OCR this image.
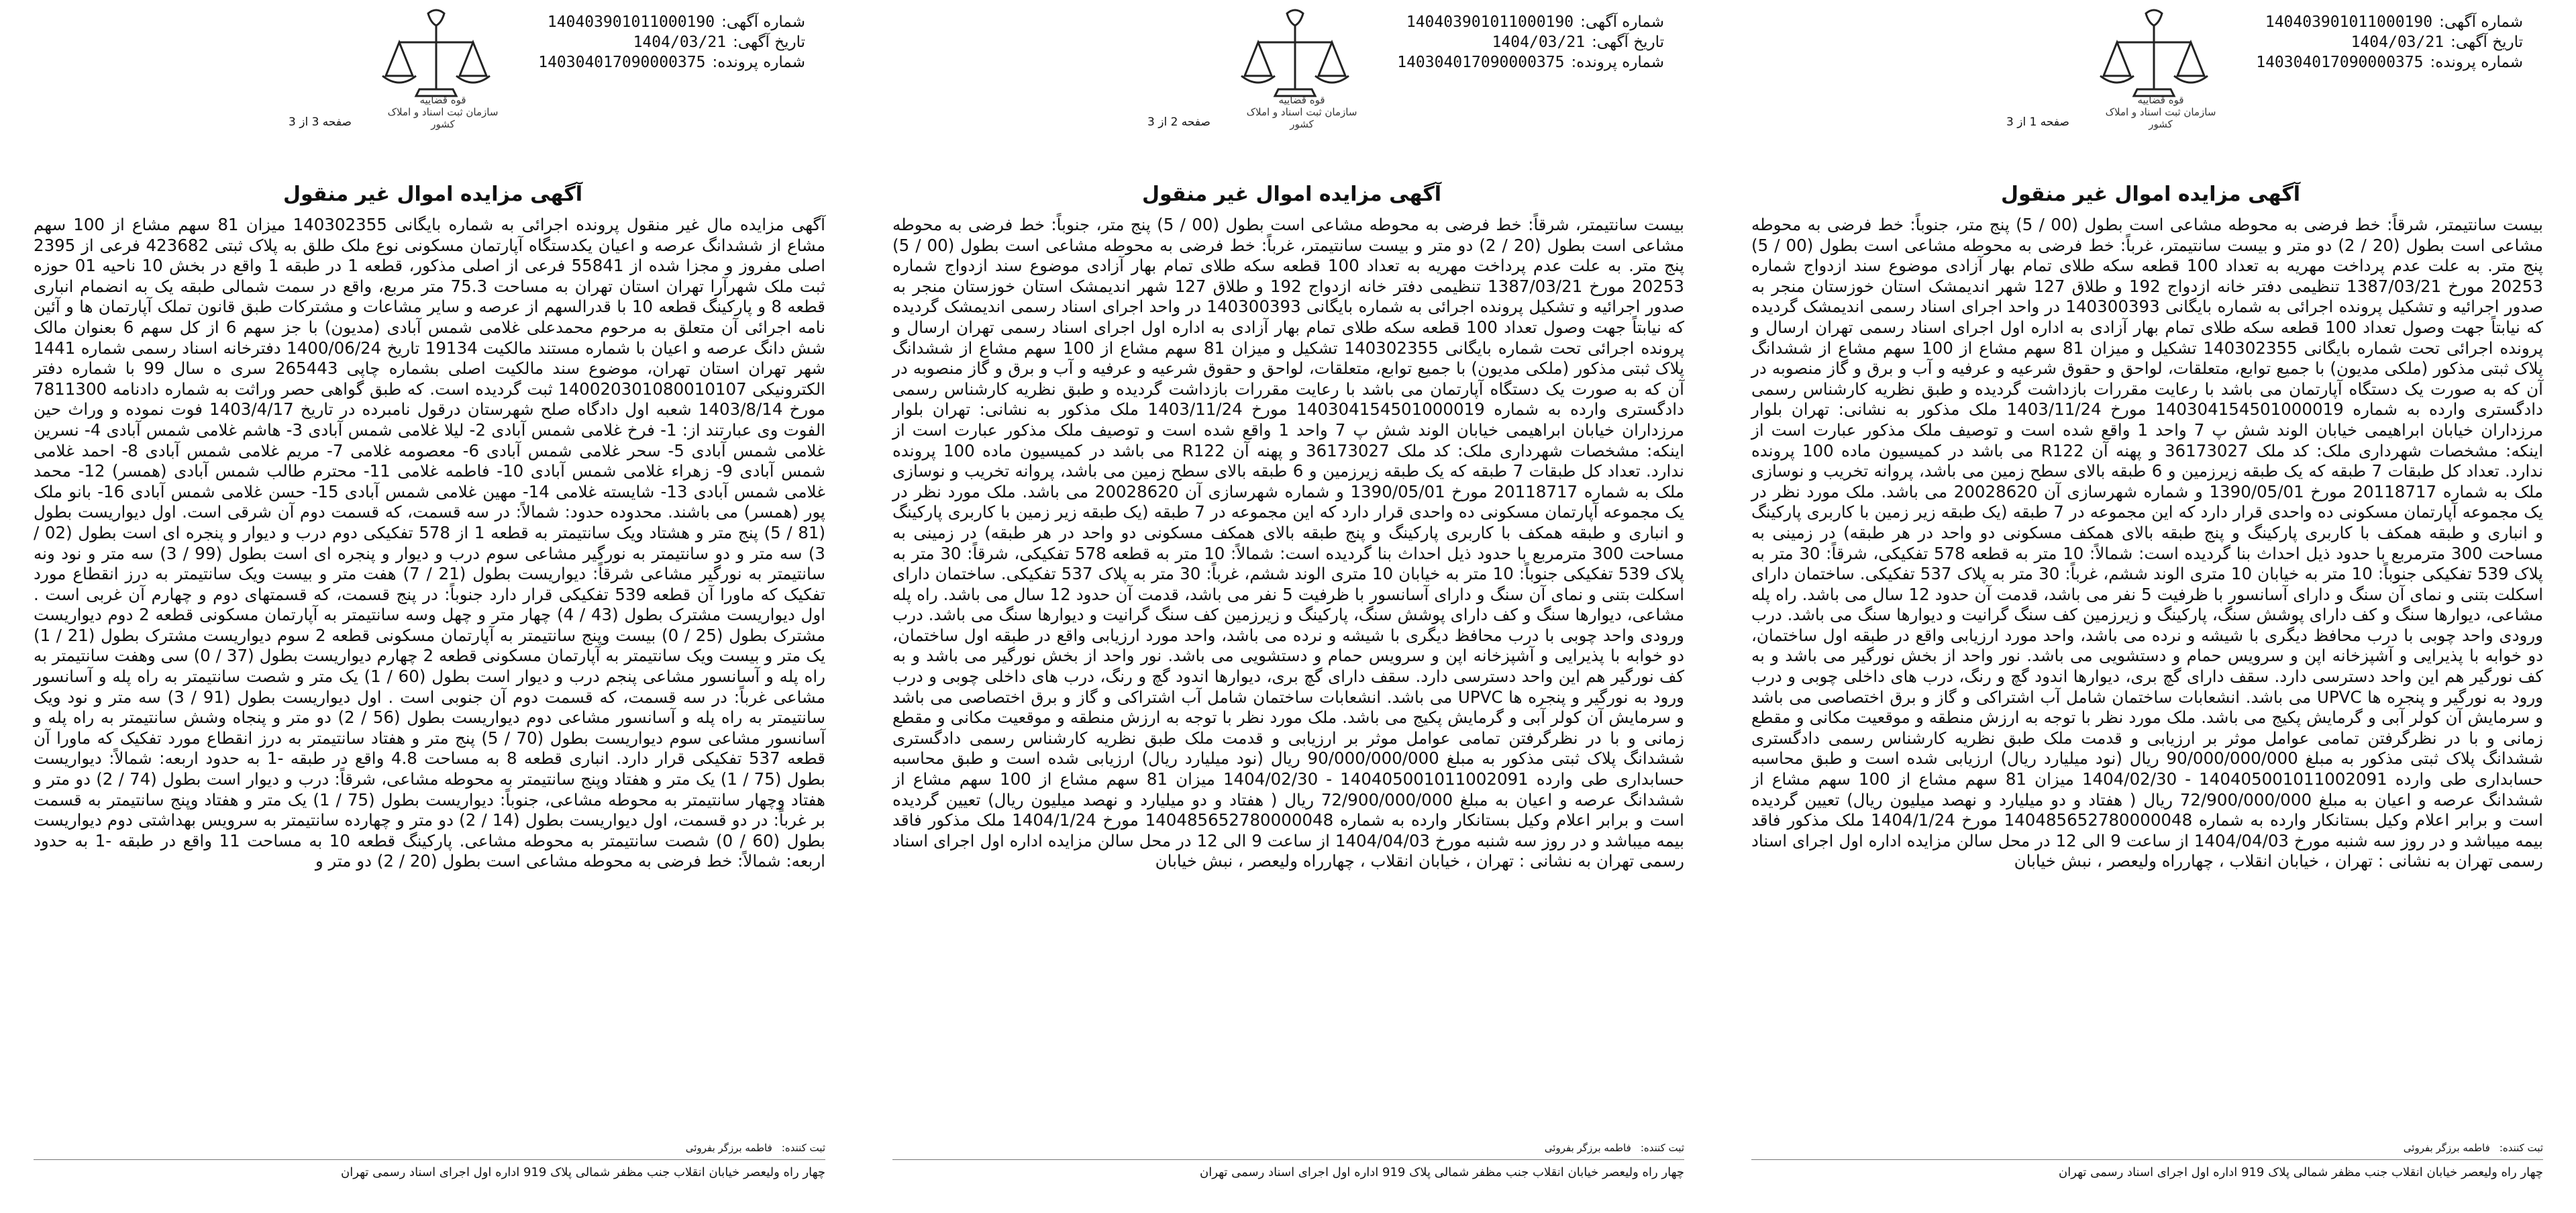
شماره آگهی:140403901011000190
تاریخ آگهی:1404/03/21
شماره پرونده:140304017090000375
قوه قضاییه
سازمان ثبت اسناد و املاک کشور
صفحه 1 از 3
آگهی مزایده اموال غیر منقول
بیست سانتیمتر، شرقاً: خط فرضی به محوطه مشاعی است بطول (00 / 5) پنج متر، جنوباً: خط فرضی به محوطه مشاعی است بطول (20 / 2) دو متر و بیست سانتیمتر، غرباً: خط فرضی به محوطه مشاعی است بطول (00 / 5) پنج متر. به علت عدم پرداخت مهریه به تعداد 100 قطعه سکه طلای تمام بهار آزادی موضوع سند ازدواج شماره 20253 مورخ 1387/03/21 تنظیمی دفتر خانه ازدواج 192 و طلاق 127 شهر اندیمشک استان خوزستان منجر به صدور اجرائیه و تشکیل پرونده اجرائی به شماره بایگانی 140300393 در واحد اجرای اسناد رسمی اندیمشک گردیده که نیابتاً جهت وصول تعداد 100 قطعه سکه طلای تمام بهار آزادی به اداره اول اجرای اسناد رسمی تهران ارسال و پرونده اجرائی تحت شماره بایگانی 140302355 تشکیل و میزان 81 سهم مشاع از 100 سهم مشاع از ششدانگ پلاک ثبتی مذکور (ملکی مدیون) با جمیع توابع، متعلقات، لواحق و حقوق شرعیه و عرفیه و آب و برق و گاز منصوبه در آن که به صورت یک دستگاه آپارتمان می باشد با رعایت مقررات بازداشت گردیده و طبق نظریه کارشناس رسمی دادگستری وارده به شماره 140304154501000019 مورخ 1403/11/24 ملک مذکور به نشانی: تهران بلوار مرزداران خیابان ابراهیمی خیابان الوند شش پ 7 واحد 1 واقع شده است و توصیف ملک مذکور عبارت است از اینکه: مشخصات شهرداری ملک: کد ملک 36173027 و پهنه آن R122 می باشد در کمیسیون ماده 100 پرونده ندارد. تعداد کل طبقات 7 طبقه که یک طبقه زیرزمین و 6 طبقه بالای سطح زمین می باشد، پروانه تخریب و نوسازی ملک به شماره 20118717 مورخ 1390/05/01 و شماره شهرسازی آن 20028620 می باشد. ملک مورد نظر در یک مجموعه آپارتمان مسکونی ده واحدی قرار دارد که این مجموعه در 7 طبقه (یک طبقه زیر زمین با کاربری پارکینگ و انباری و طبقه همکف با کاربری پارکینگ و پنج طبقه بالای همکف مسکونی دو واحد در هر طبقه) در زمینی به مساحت 300 مترمربع با حدود ذیل احداث بنا گردیده است: شمالاً: 10 متر به قطعه 578 تفکیکی، شرقاً: 30 متر به پلاک 539 تفکیکی جنوباً: 10 متر به خیابان 10 متری الوند ششم، غرباً: 30 متر به پلاک 537 تفکیکی. ساختمان دارای اسکلت بتنی و نمای آن سنگ و دارای آسانسور با ظرفیت 5 نفر می باشد، قدمت آن حدود 12 سال می باشد. راه پله مشاعی، دیوارها سنگ و کف دارای پوشش سنگ، پارکینگ و زیرزمین کف سنگ گرانیت و دیوارها سنگ می باشد. درب ورودی واحد چوبی با درب محافظ دیگری با شیشه و نرده می باشد، واحد مورد ارزیابی واقع در طبقه اول ساختمان، دو خوابه با پذیرایی و آشپزخانه اپن و سرویس حمام و دستشویی می باشد. نور واحد از بخش نورگیر می باشد و به کف نورگیر هم این واحد دسترسی دارد. سقف دارای گچ بری، دیوارها اندود گچ و رنگ، درب های داخلی چوبی و درب ورود به نورگیر و پنجره ها UPVC می باشد. انشعابات ساختمان شامل آب اشتراکی و گاز و برق اختصاصی می باشد و سرمایش آن کولر آبی و گرمایش پکیج می باشد. ملک مورد نظر با توجه به ارزش منطقه و موقعیت مکانی و مقطع زمانی و با در نظرگرفتن تمامی عوامل موثر بر ارزیابی و قدمت ملک طبق نظریه کارشناس رسمی دادگستری ششدانگ پلاک ثبتی مذکور به مبلغ 90/000/000/000 ریال (نود میلیارد ریال) ارزیابی شده است و طبق محاسبه حسابداری طی وارده 140405001011002091 - 1404/02/30 میزان 81 سهم مشاع از 100 سهم مشاع از ششدانگ عرصه و اعیان به مبلغ 72/900/000/000 ریال ( هفتاد و دو میلیارد و نهصد میلیون ریال) تعیین گردیده است و برابر اعلام وکیل بستانکار وارده به شماره 140485652780000048 مورخ 1404/1/24 ملک مذکور فاقد بیمه میباشد و در روز سه شنبه مورخ 1404/04/03 از ساعت 9 الی 12 در محل سالن مزایده اداره اول اجرای اسناد رسمی تهران به نشانی : تهران ، خیابان انقلاب ، چهارراه ولیعصر ، نبش خیابان
ثبت کننده:فاطمه برزگر بفروئی
چهار راه ولیعصر خیابان انقلاب جنب مظفر شمالی پلاک 919 اداره اول اجرای اسناد رسمی تهران
شماره آگهی:140403901011000190
تاریخ آگهی:1404/03/21
شماره پرونده:140304017090000375
قوه قضاییه
سازمان ثبت اسناد و املاک کشور
صفحه 2 از 3
آگهی مزایده اموال غیر منقول
بیست سانتیمتر، شرقاً: خط فرضی به محوطه مشاعی است بطول (00 / 5) پنج متر، جنوباً: خط فرضی به محوطه مشاعی است بطول (20 / 2) دو متر و بیست سانتیمتر، غرباً: خط فرضی به محوطه مشاعی است بطول (00 / 5) پنج متر. به علت عدم پرداخت مهریه به تعداد 100 قطعه سکه طلای تمام بهار آزادی موضوع سند ازدواج شماره 20253 مورخ 1387/03/21 تنظیمی دفتر خانه ازدواج 192 و طلاق 127 شهر اندیمشک استان خوزستان منجر به صدور اجرائیه و تشکیل پرونده اجرائی به شماره بایگانی 140300393 در واحد اجرای اسناد رسمی اندیمشک گردیده که نیابتاً جهت وصول تعداد 100 قطعه سکه طلای تمام بهار آزادی به اداره اول اجرای اسناد رسمی تهران ارسال و پرونده اجرائی تحت شماره بایگانی 140302355 تشکیل و میزان 81 سهم مشاع از 100 سهم مشاع از ششدانگ پلاک ثبتی مذکور (ملکی مدیون) با جمیع توابع، متعلقات، لواحق و حقوق شرعیه و عرفیه و آب و برق و گاز منصوبه در آن که به صورت یک دستگاه آپارتمان می باشد با رعایت مقررات بازداشت گردیده و طبق نظریه کارشناس رسمی دادگستری وارده به شماره 140304154501000019 مورخ 1403/11/24 ملک مذکور به نشانی: تهران بلوار مرزداران خیابان ابراهیمی خیابان الوند شش پ 7 واحد 1 واقع شده است و توصیف ملک مذکور عبارت است از اینکه: مشخصات شهرداری ملک: کد ملک 36173027 و پهنه آن R122 می باشد در کمیسیون ماده 100 پرونده ندارد. تعداد کل طبقات 7 طبقه که یک طبقه زیرزمین و 6 طبقه بالای سطح زمین می باشد، پروانه تخریب و نوسازی ملک به شماره 20118717 مورخ 1390/05/01 و شماره شهرسازی آن 20028620 می باشد. ملک مورد نظر در یک مجموعه آپارتمان مسکونی ده واحدی قرار دارد که این مجموعه در 7 طبقه (یک طبقه زیر زمین با کاربری پارکینگ و انباری و طبقه همکف با کاربری پارکینگ و پنج طبقه بالای همکف مسکونی دو واحد در هر طبقه) در زمینی به مساحت 300 مترمربع با حدود ذیل احداث بنا گردیده است: شمالاً: 10 متر به قطعه 578 تفکیکی، شرقاً: 30 متر به پلاک 539 تفکیکی جنوباً: 10 متر به خیابان 10 متری الوند ششم، غرباً: 30 متر به پلاک 537 تفکیکی. ساختمان دارای اسکلت بتنی و نمای آن سنگ و دارای آسانسور با ظرفیت 5 نفر می باشد، قدمت آن حدود 12 سال می باشد. راه پله مشاعی، دیوارها سنگ و کف دارای پوشش سنگ، پارکینگ و زیرزمین کف سنگ گرانیت و دیوارها سنگ می باشد. درب ورودی واحد چوبی با درب محافظ دیگری با شیشه و نرده می باشد، واحد مورد ارزیابی واقع در طبقه اول ساختمان، دو خوابه با پذیرایی و آشپزخانه اپن و سرویس حمام و دستشویی می باشد. نور واحد از بخش نورگیر می باشد و به کف نورگیر هم این واحد دسترسی دارد. سقف دارای گچ بری، دیوارها اندود گچ و رنگ، درب های داخلی چوبی و درب ورود به نورگیر و پنجره ها UPVC می باشد. انشعابات ساختمان شامل آب اشتراکی و گاز و برق اختصاصی می باشد و سرمایش آن کولر آبی و گرمایش پکیج می باشد. ملک مورد نظر با توجه به ارزش منطقه و موقعیت مکانی و مقطع زمانی و با در نظرگرفتن تمامی عوامل موثر بر ارزیابی و قدمت ملک طبق نظریه کارشناس رسمی دادگستری ششدانگ پلاک ثبتی مذکور به مبلغ 90/000/000/000 ریال (نود میلیارد ریال) ارزیابی شده است و طبق محاسبه حسابداری طی وارده 140405001011002091 - 1404/02/30 میزان 81 سهم مشاع از 100 سهم مشاع از ششدانگ عرصه و اعیان به مبلغ 72/900/000/000 ریال ( هفتاد و دو میلیارد و نهصد میلیون ریال) تعیین گردیده است و برابر اعلام وکیل بستانکار وارده به شماره 140485652780000048 مورخ 1404/1/24 ملک مذکور فاقد بیمه میباشد و در روز سه شنبه مورخ 1404/04/03 از ساعت 9 الی 12 در محل سالن مزایده اداره اول اجرای اسناد رسمی تهران به نشانی : تهران ، خیابان انقلاب ، چهارراه ولیعصر ، نبش خیابان
ثبت کننده:فاطمه برزگر بفروئی
چهار راه ولیعصر خیابان انقلاب جنب مظفر شمالی پلاک 919 اداره اول اجرای اسناد رسمی تهران
شماره آگهی:140403901011000190
تاریخ آگهی:1404/03/21
شماره پرونده:140304017090000375
قوه قضاییه
سازمان ثبت اسناد و املاک کشور
صفحه 3 از 3
آگهی مزایده اموال غیر منقول
آگهی مزایده مال غیر منقول پرونده اجرائی به شماره بایگانی 140302355 میزان 81 سهم مشاع از 100 سهم مشاع از ششدانگ عرصه و اعیان یکدستگاه آپارتمان مسکونی نوع ملک طلق به پلاک ثبتی 423682 فرعی از 2395 اصلی مفروز و مجزا شده از 55841 فرعی از اصلی مذکور، قطعه 1 در طبقه 1 واقع در بخش 10 ناحیه 01 حوزه ثبت ملک شهرآرا تهران استان تهران به مساحت 75.3 متر مربع، واقع در سمت شمالی طبقه یک به انضمام انباری قطعه 8 و پارکینگ قطعه 10 با قدرالسهم از عرصه و سایر مشاعات و مشترکات طبق قانون تملک آپارتمان ها و آئین نامه اجرائی آن متعلق به مرحوم محمدعلی غلامی شمس آبادی (مدیون) با جز سهم 6 از کل سهم 6 بعنوان مالک شش دانگ عرصه و اعیان با شماره مستند مالکیت 19134 تاریخ 1400/06/24 دفترخانه اسناد رسمی شماره 1441 شهر تهران استان تهران، موضوع سند مالکیت اصلی بشماره چاپی 265443 سری ه سال 99 با شماره دفتر الکترونیکی 140020301080010107 ثبت گردیده است. که طبق گواهی حصر وراثت به شماره دادنامه 7811300 مورخ 1403/8/14 شعبه اول دادگاه صلح شهرستان درقول نامبرده در تاریخ 1403/4/17 فوت نموده و وراث حین الفوت وی عبارتند از: 1- فرخ غلامی شمس آبادی 2- لیلا غلامی شمس آبادی 3- هاشم غلامی شمس آبادی 4- نسرین غلامی شمس آبادی 5- سحر غلامی شمس آبادی 6- معصومه غلامی 7- مریم غلامی شمس آبادی 8- احمد غلامی شمس آبادی 9- زهراء غلامی شمس آبادی 10- فاطمه غلامی 11- محترم طالب شمس آبادی (همسر) 12- محمد غلامی شمس آبادی 13- شایسته غلامی 14- مهین غلامی شمس آبادی 15- حسن غلامی شمس آبادی 16- بانو ملک پور (همسر) می باشند. محدوده حدود: شمالاً: در سه قسمت، که قسمت دوم آن شرقی است. اول دیواریست بطول (81 / 5) پنج متر و هشتاد ویک سانتیمتر به قطعه 1 از 578 تفکیکی دوم درب و دیوار و پنجره ای است بطول (02 / 3) سه متر و دو سانتیمتر به نورگیر مشاعی سوم درب و دیوار و پنجره ای است بطول (99 / 3) سه متر و نود ونه سانتیمتر به نورگیر مشاعی شرقاً: دیواریست بطول (21 / 7) هفت متر و بیست ویک سانتیمتر به درز انقطاع مورد تفکیک که ماورا آن قطعه 539 تفکیکی قرار دارد جنوباً: در پنج قسمت، که قسمتهای دوم و چهارم آن غربی است . اول دیواریست مشترک بطول (43 / 4) چهار متر و چهل وسه سانتیمتر به آپارتمان مسکونی قطعه 2 دوم دیواریست مشترک بطول (25 / 0) بیست وپنج سانتیمتر به آپارتمان مسکونی قطعه 2 سوم دیواریست مشترک بطول (21 / 1) یک متر و بیست ویک سانتیمتر به آپارتمان مسکونی قطعه 2 چهارم دیواریست بطول (37 / 0) سی وهفت سانتیمتر به راه پله و آسانسور مشاعی پنجم درب و دیوار است بطول (60 / 1) یک متر و شصت سانتیمتر به راه پله و آسانسور مشاعی غرباً: در سه قسمت، که قسمت دوم آن جنوبی است . اول دیواریست بطول (91 / 3) سه متر و نود ویک سانتیمتر به راه پله و آسانسور مشاعی دوم دیواریست بطول (56 / 2) دو متر و پنجاه وشش سانتیمتر به راه پله و آسانسور مشاعی سوم دیواریست بطول (70 / 5) پنج متر و هفتاد سانتیمتر به درز انقطاع مورد تفکیک که ماورا آن قطعه 537 تفکیکی قرار دارد. انباری قطعه 8 به مساحت 4.8 واقع در طبقه -1 به حدود اربعه: شمالاً: دیواریست بطول (75 / 1) یک متر و هفتاد وپنج سانتیمتر به محوطه مشاعی، شرقاً: درب و دیوار است بطول (74 / 2) دو متر و هفتاد وچهار سانتیمتر به محوطه مشاعی، جنوباً: دیواریست بطول (75 / 1) یک متر و هفتاد وپنج سانتیمتر به قسمت بر غرباً: در دو قسمت، اول دیواریست بطول (14 / 2) دو متر و چهارده سانتیمتر به سرویس بهداشتی دوم دیواریست بطول (60 / 0) شصت سانتیمتر به محوطه مشاعی. پارکینگ قطعه 10 به مساحت 11 واقع در طبقه -1 به حدود اربعه: شمالاً: خط فرضی به محوطه مشاعی است بطول (20 / 2) دو متر و
ثبت کننده:فاطمه برزگر بفروئی
چهار راه ولیعصر خیابان انقلاب جنب مظفر شمالی پلاک 919 اداره اول اجرای اسناد رسمی تهران
